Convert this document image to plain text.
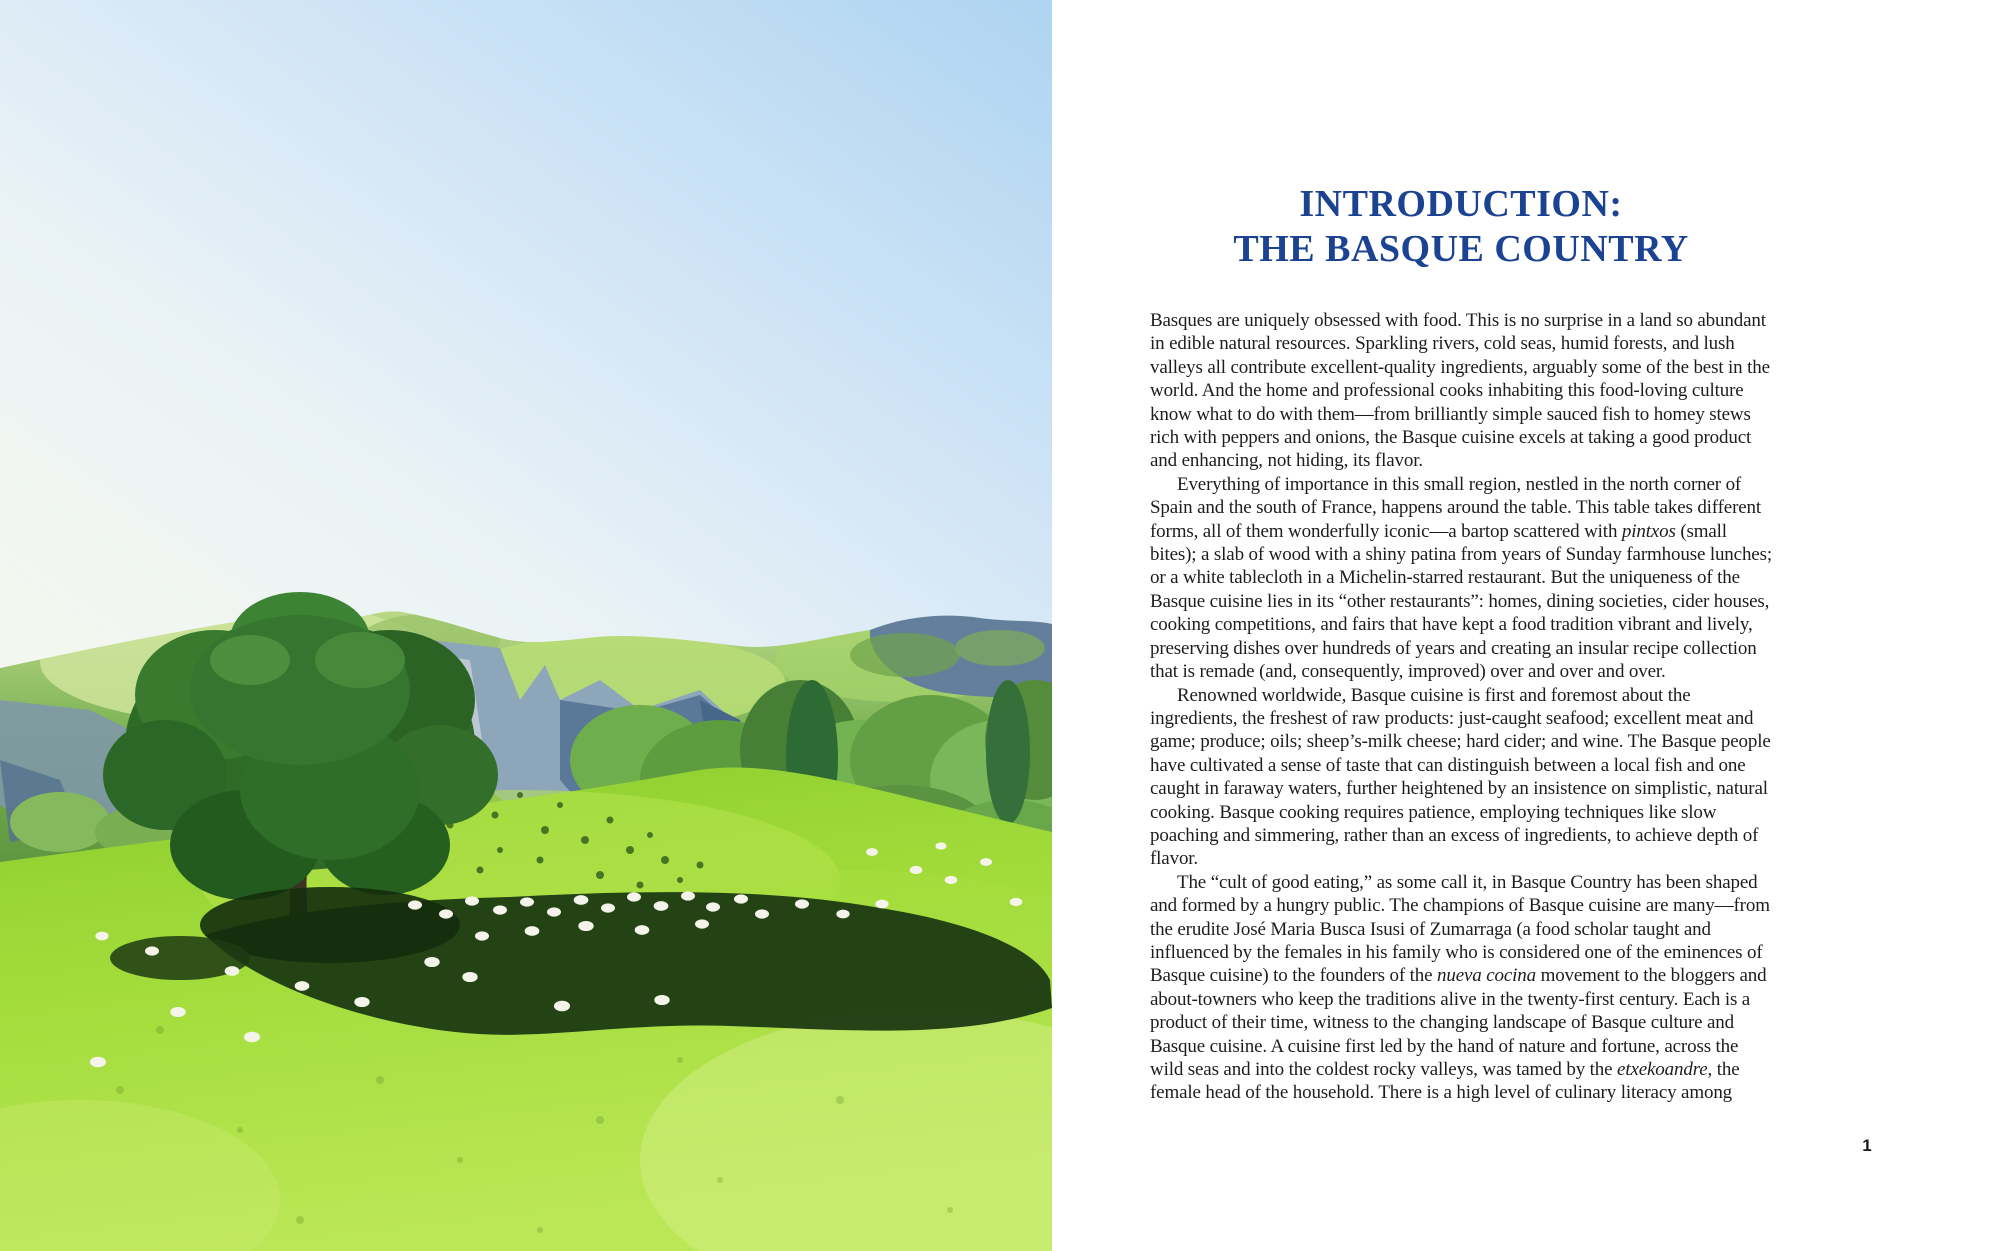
INTRODUCTION:
THE BASQUE COUNTRY

Basques are uniquely obsessed with food. This is no surprise in a land so abundant in edible natural resources. Sparkling rivers, cold seas, humid forests, and lush valleys all contribute excellent-quality ingredients, arguably some of the best in the world. And the home and professional cooks inhabiting this food-loving culture know what to do with them—from brilliantly simple sauced fish to homey stews rich with peppers and onions, the Basque cuisine excels at taking a good product and enhancing, not hiding, its flavor.

Everything of importance in this small region, nestled in the north corner of Spain and the south of France, happens around the table. This table takes different forms, all of them wonderfully iconic—a bartop scattered with pintxos (small bites); a slab of wood with a shiny patina from years of Sunday farmhouse lunches; or a white tablecloth in a Michelin-starred restaurant. But the uniqueness of the Basque cuisine lies in its “other restaurants”: homes, dining societies, cider houses, cooking competitions, and fairs that have kept a food tradition vibrant and lively, preserving dishes over hundreds of years and creating an insular recipe collection that is remade (and, consequently, improved) over and over and over.

Renowned worldwide, Basque cuisine is first and foremost about the ingredients, the freshest of raw products: just-caught seafood; excellent meat and game; produce; oils; sheep’s-milk cheese; hard cider; and wine. The Basque people have cultivated a sense of taste that can distinguish between a local fish and one caught in faraway waters, further heightened by an insistence on simplistic, natural cooking. Basque cooking requires patience, employing techniques like slow poaching and simmering, rather than an excess of ingredients, to achieve depth of flavor.

The “cult of good eating,” as some call it, in Basque Country has been shaped and formed by a hungry public. The champions of Basque cuisine are many—from the erudite José Maria Busca Isusi of Zumarraga (a food scholar taught and influenced by the females in his family who is considered one of the eminences of Basque cuisine) to the founders of the nueva cocina movement to the bloggers and about-towners who keep the traditions alive in the twenty-first century. Each is a product of their time, witness to the changing landscape of Basque culture and Basque cuisine. A cuisine first led by the hand of nature and fortune, across the wild seas and into the coldest rocky valleys, was tamed by the etxekoandre, the female head of the household. There is a high level of culinary literacy among

1
